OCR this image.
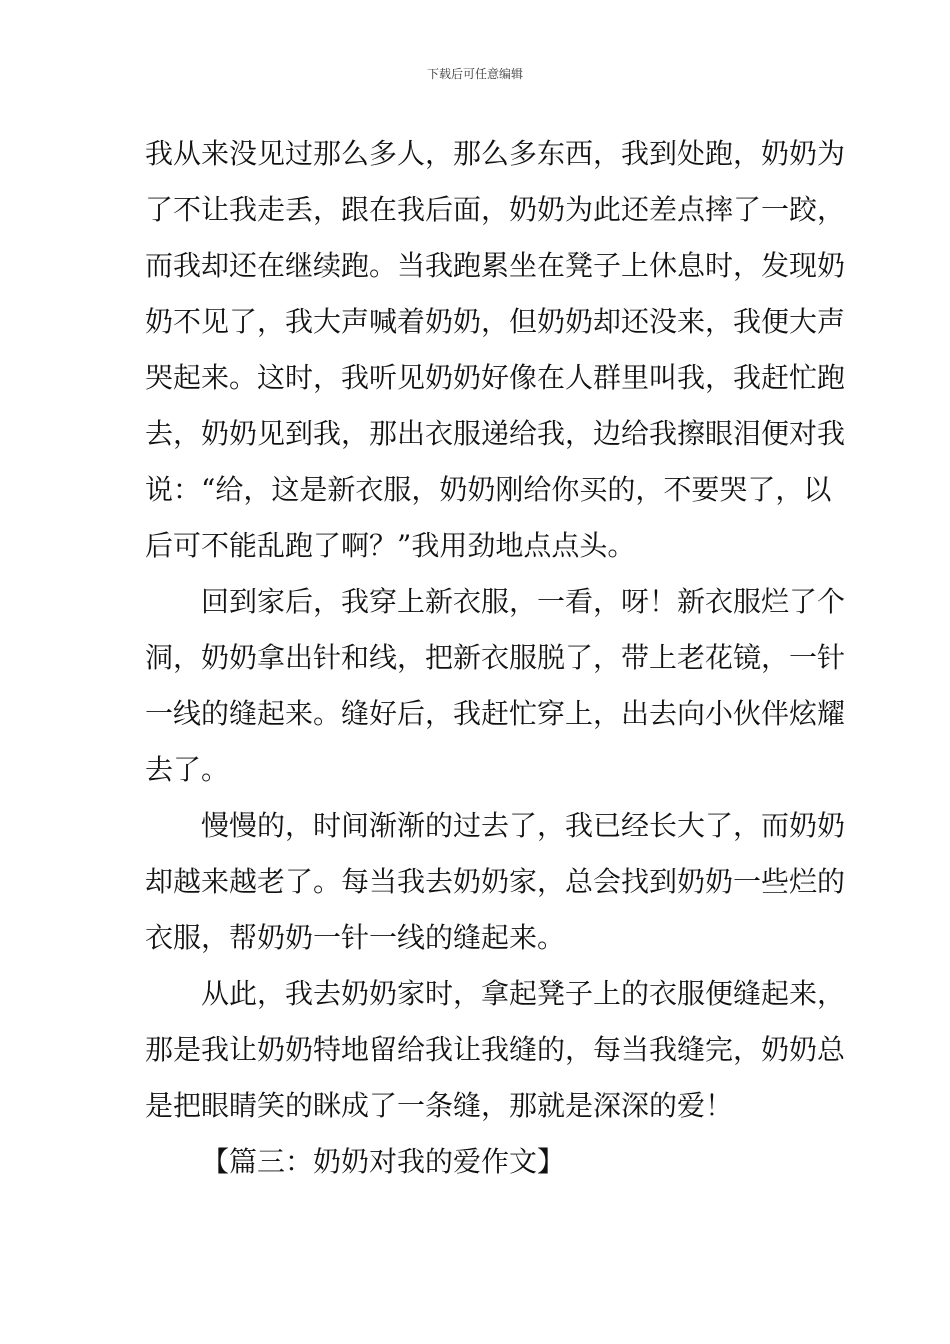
下载后可任意编辑
我从来没见过那么多人，那么多东西，我到处跑，奶奶为
了不让我走丢，跟在我后面，奶奶为此还差点摔了一跤，
而我却还在继续跑。当我跑累坐在凳子上休息时，发现奶
奶不见了，我大声喊着奶奶，但奶奶却还没来，我便大声
哭起来。这时，我听见奶奶好像在人群里叫我，我赶忙跑
去，奶奶见到我，那出衣服递给我，边给我擦眼泪便对我
说：“给，这是新衣服，奶奶刚给你买的，不要哭了，以
后可不能乱跑了啊？”我用劲地点点头。
回到家后，我穿上新衣服，一看，呀！新衣服烂了个
洞，奶奶拿出针和线，把新衣服脱了，带上老花镜，一针
一线的缝起来。缝好后，我赶忙穿上，出去向小伙伴炫耀
去了。
慢慢的，时间渐渐的过去了，我已经长大了，而奶奶
却越来越老了。每当我去奶奶家，总会找到奶奶一些烂的
衣服，帮奶奶一针一线的缝起来。
从此，我去奶奶家时，拿起凳子上的衣服便缝起来，
那是我让奶奶特地留给我让我缝的，每当我缝完，奶奶总
是把眼睛笑的眯成了一条缝，那就是深深的爱！
【篇三：奶奶对我的爱作文】
